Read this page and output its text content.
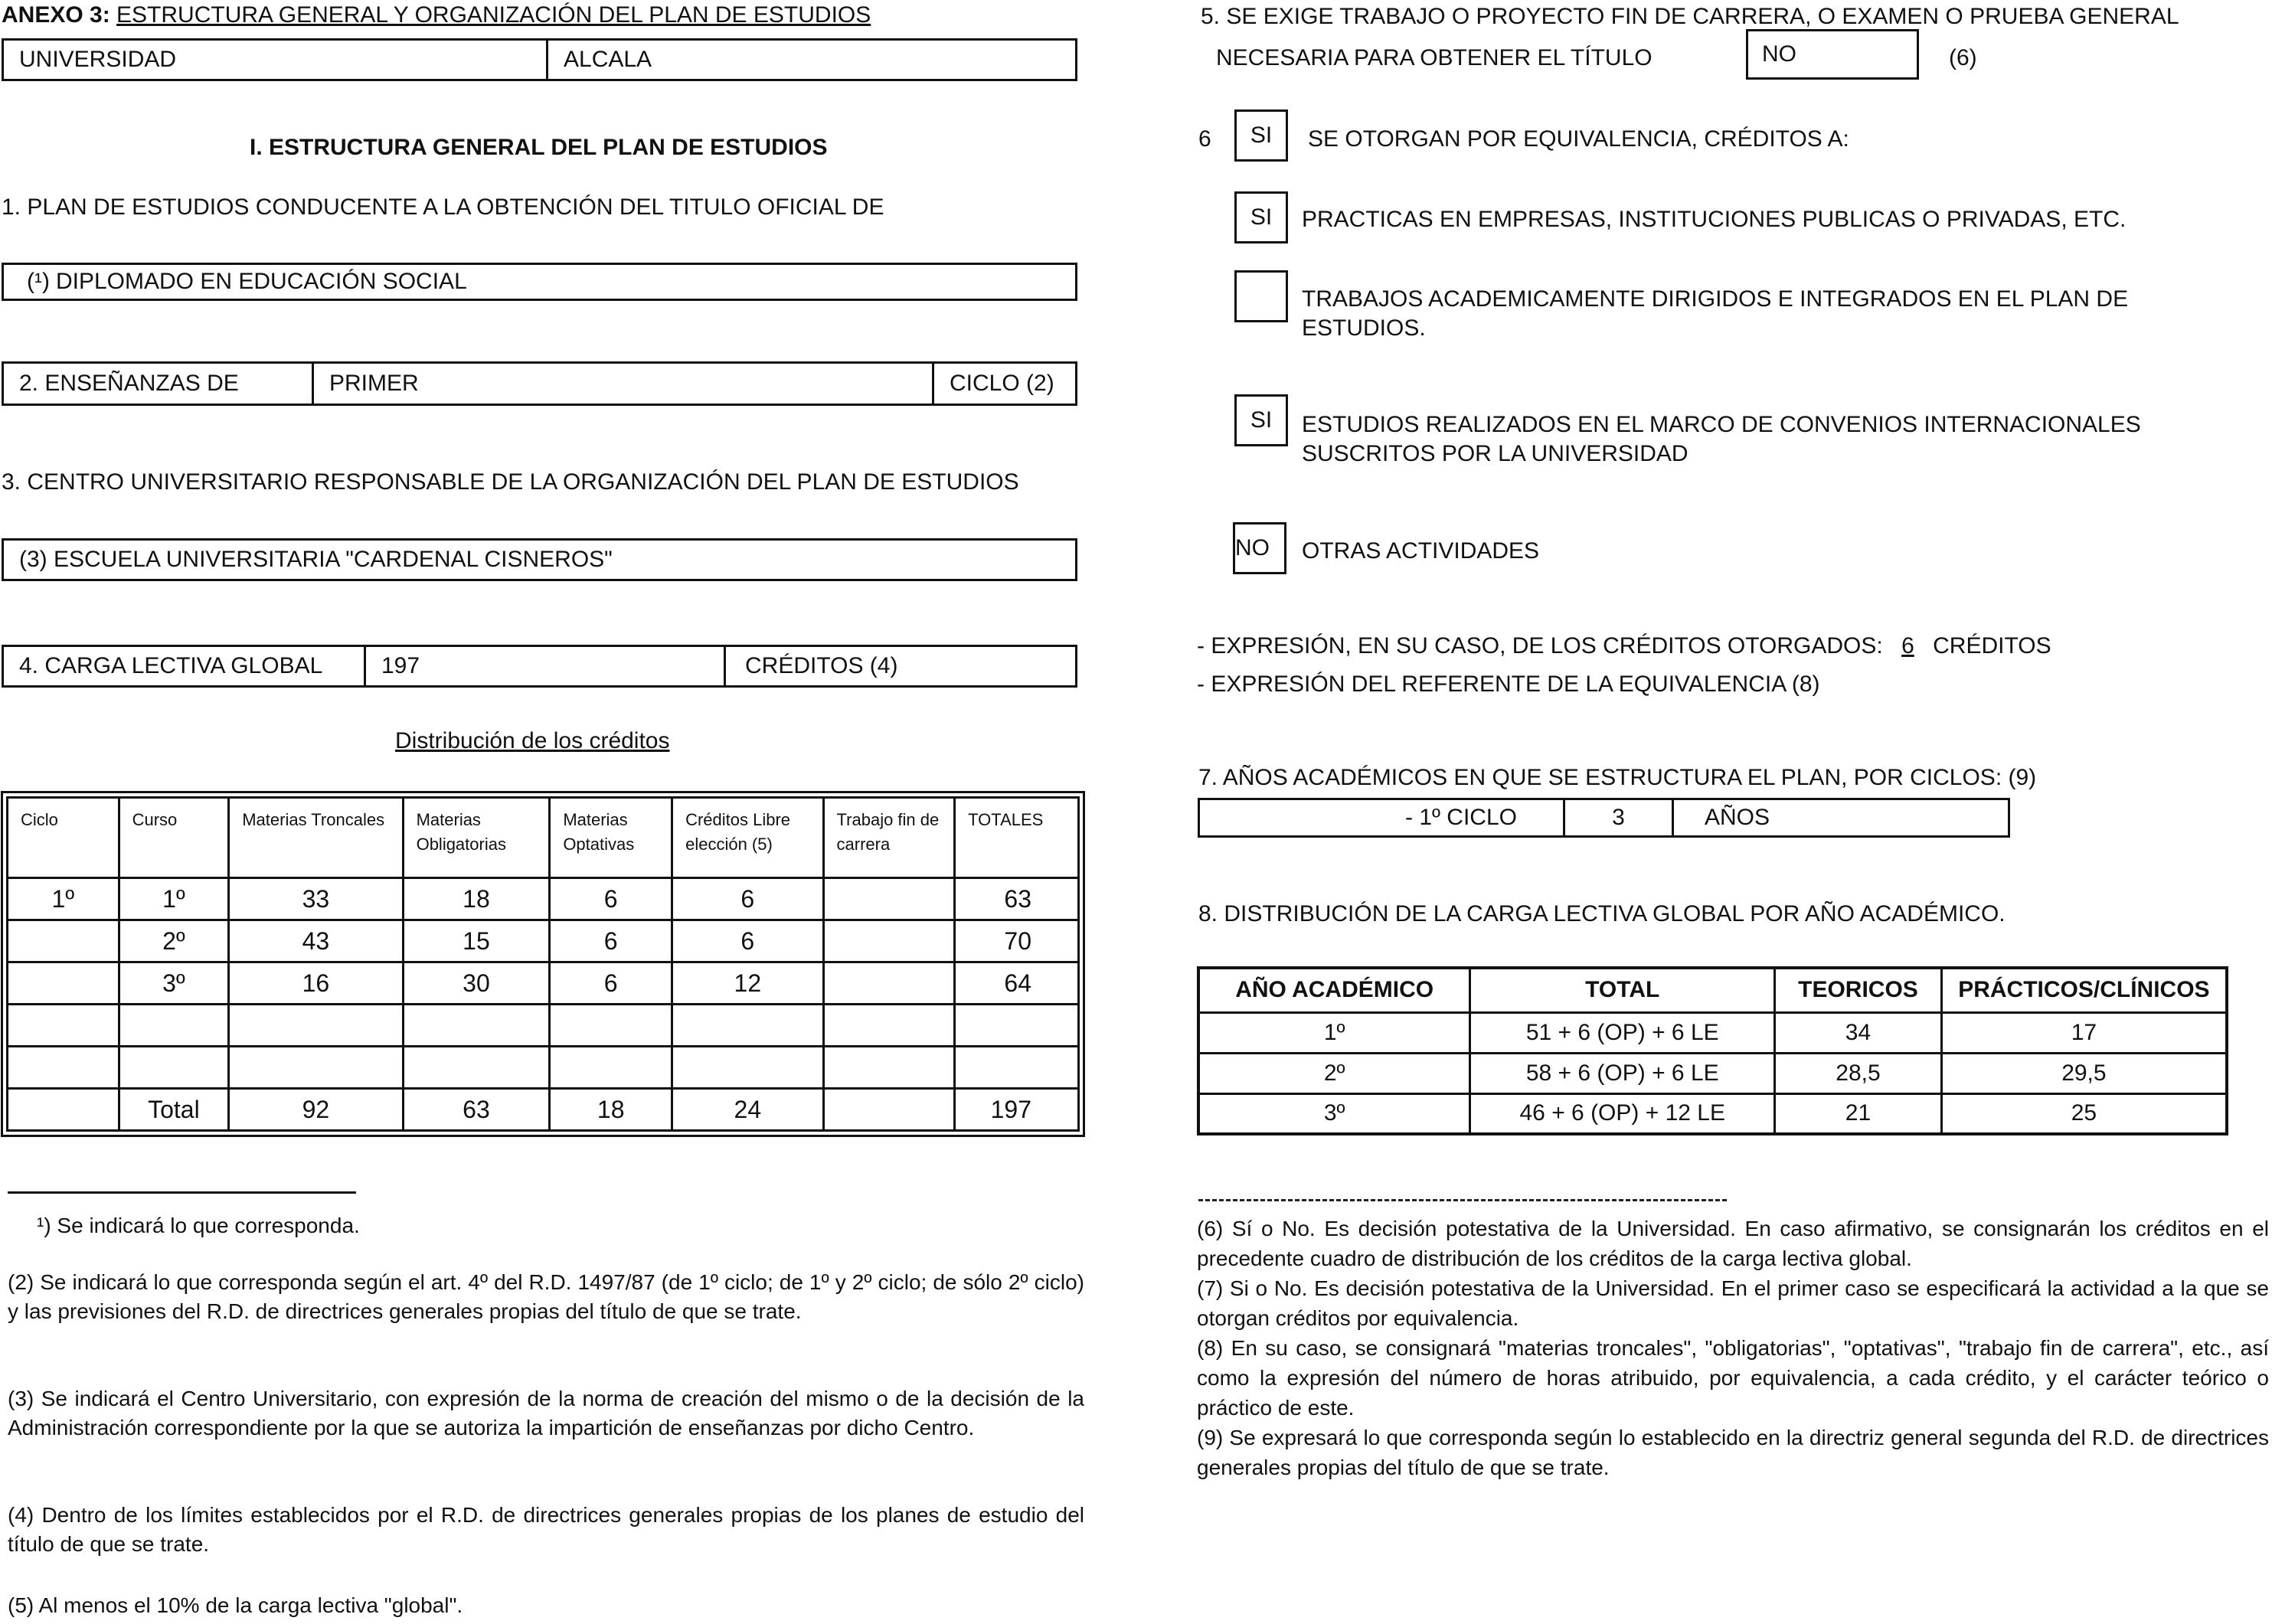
ANEXO 3: ESTRUCTURA GENERAL Y ORGANIZACIÓN DEL PLAN DE ESTUDIOS
UNIVERSIDAD	ALCALA
I. ESTRUCTURA GENERAL DEL PLAN DE ESTUDIOS
1. PLAN DE ESTUDIOS CONDUCENTE A LA OBTENCIÓN DEL TITULO OFICIAL DE
(¹) DIPLOMADO EN EDUCACIÓN SOCIAL
2. ENSEÑANZAS DE	PRIMER	CICLO (2)
3. CENTRO UNIVERSITARIO RESPONSABLE DE LA ORGANIZACIÓN DEL PLAN DE ESTUDIOS
(3) ESCUELA UNIVERSITARIA "CARDENAL CISNEROS"
4. CARGA LECTIVA GLOBAL	197	CRÉDITOS (4)
Distribución de los créditos
Ciclo	Curso	Materias Troncales	Materias Obligatorias	Materias Optativas	Créditos Libre elección (5)	Trabajo fin de carrera	TOTALES
1º	1º	33	18	6	6		63
	2º	43	15	6	6		70
	3º	16	30	6	12		64

	Total	92	63	18	24		197
¹) Se indicará lo que corresponda.
(2) Se indicará lo que corresponda según el art. 4º del R.D. 1497/87 (de 1º ciclo; de 1º y 2º ciclo; de sólo 2º ciclo) y las previsiones del R.D. de directrices generales propias del título de que se trate.
(3) Se indicará el Centro Universitario, con expresión de la norma de creación del mismo o de la decisión de la Administración correspondiente por la que se autoriza la impartición de enseñanzas por dicho Centro.
(4) Dentro de los límites establecidos por el R.D. de directrices generales propias de los planes de estudio del título de que se trate.
(5) Al menos el 10% de la carga lectiva "global".
5. SE EXIGE TRABAJO O PROYECTO FIN DE CARRERA, O EXAMEN O PRUEBA GENERAL
NECESARIA PARA OBTENER EL TÍTULO	NO	(6)
6	SI	SE OTORGAN POR EQUIVALENCIA, CRÉDITOS A:
SI	PRACTICAS EN EMPRESAS, INSTITUCIONES PUBLICAS O PRIVADAS, ETC.
TRABAJOS ACADEMICAMENTE DIRIGIDOS E INTEGRADOS EN EL PLAN DE ESTUDIOS.
SI	ESTUDIOS REALIZADOS EN EL MARCO DE CONVENIOS INTERNACIONALES SUSCRITOS POR LA UNIVERSIDAD
NO	OTRAS ACTIVIDADES
- EXPRESIÓN, EN SU CASO, DE LOS CRÉDITOS OTORGADOS: 6 CRÉDITOS
- EXPRESIÓN DEL REFERENTE DE LA EQUIVALENCIA (8)
7. AÑOS ACADÉMICOS EN QUE SE ESTRUCTURA EL PLAN, POR CICLOS: (9)
- 1º CICLO	3	AÑOS
8. DISTRIBUCIÓN DE LA CARGA LECTIVA GLOBAL POR AÑO ACADÉMICO.
AÑO ACADÉMICO	TOTAL	TEORICOS	PRÁCTICOS/CLÍNICOS
1º	51 + 6 (OP) + 6 LE	34	17
2º	58 + 6 (OP) + 6 LE	28,5	29,5
3º	46 + 6 (OP) + 12 LE	21	25
(6) Sí o No. Es decisión potestativa de la Universidad. En caso afirmativo, se consignarán los créditos en el precedente cuadro de distribución de los créditos de la carga lectiva global.
(7) Si o No. Es decisión potestativa de la Universidad. En el primer caso se especificará la actividad a la que se otorgan créditos por equivalencia.
(8) En su caso, se consignará "materias troncales", "obligatorias", "optativas", "trabajo fin de carrera", etc., así como la expresión del número de horas atribuido, por equivalencia, a cada crédito, y el carácter teórico o práctico de este.
(9) Se expresará lo que corresponda según lo establecido en la directriz general segunda del R.D. de directrices generales propias del título de que se trate.
